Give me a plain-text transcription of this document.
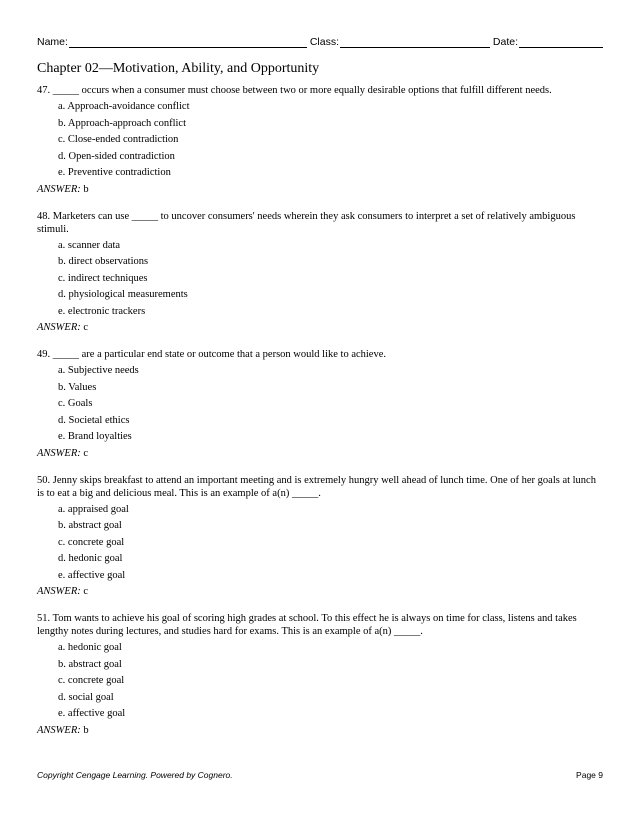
Name:	Class:	Date:
Chapter 02—Motivation, Ability, and Opportunity

47. _____ occurs when a consumer must choose between two or more equally desirable options that fulfill different needs.

a. Approach-avoidance conflict
b. Approach-approach conflict
c. Close-ended contradiction
d. Open-sided contradiction
e. Preventive contradiction
ANSWER: b

48. Marketers can use _____ to uncover consumers' needs wherein they ask consumers to interpret a set of relatively ambiguous stimuli.

a. scanner data
b. direct observations
c. indirect techniques
d. physiological measurements
e. electronic trackers
ANSWER: c

49. _____ are a particular end state or outcome that a person would like to achieve.

a. Subjective needs
b. Values
c. Goals
d. Societal ethics
e. Brand loyalties
ANSWER: c

50. Jenny skips breakfast to attend an important meeting and is extremely hungry well ahead of lunch time. One of her goals at lunch is to eat a big and delicious meal. This is an example of a(n) _____.

a. appraised goal
b. abstract goal
c. concrete goal
d. hedonic goal
e. affective goal
ANSWER: c

51. Tom wants to achieve his goal of scoring high grades at school. To this effect he is always on time for class, listens and takes lengthy notes during lectures, and studies hard for exams. This is an example of a(n) _____.

a. hedonic goal
b. abstract goal
c. concrete goal
d. social goal
e. affective goal
ANSWER: b
Copyright Cengage Learning. Powered by Cognero.	Page 9
